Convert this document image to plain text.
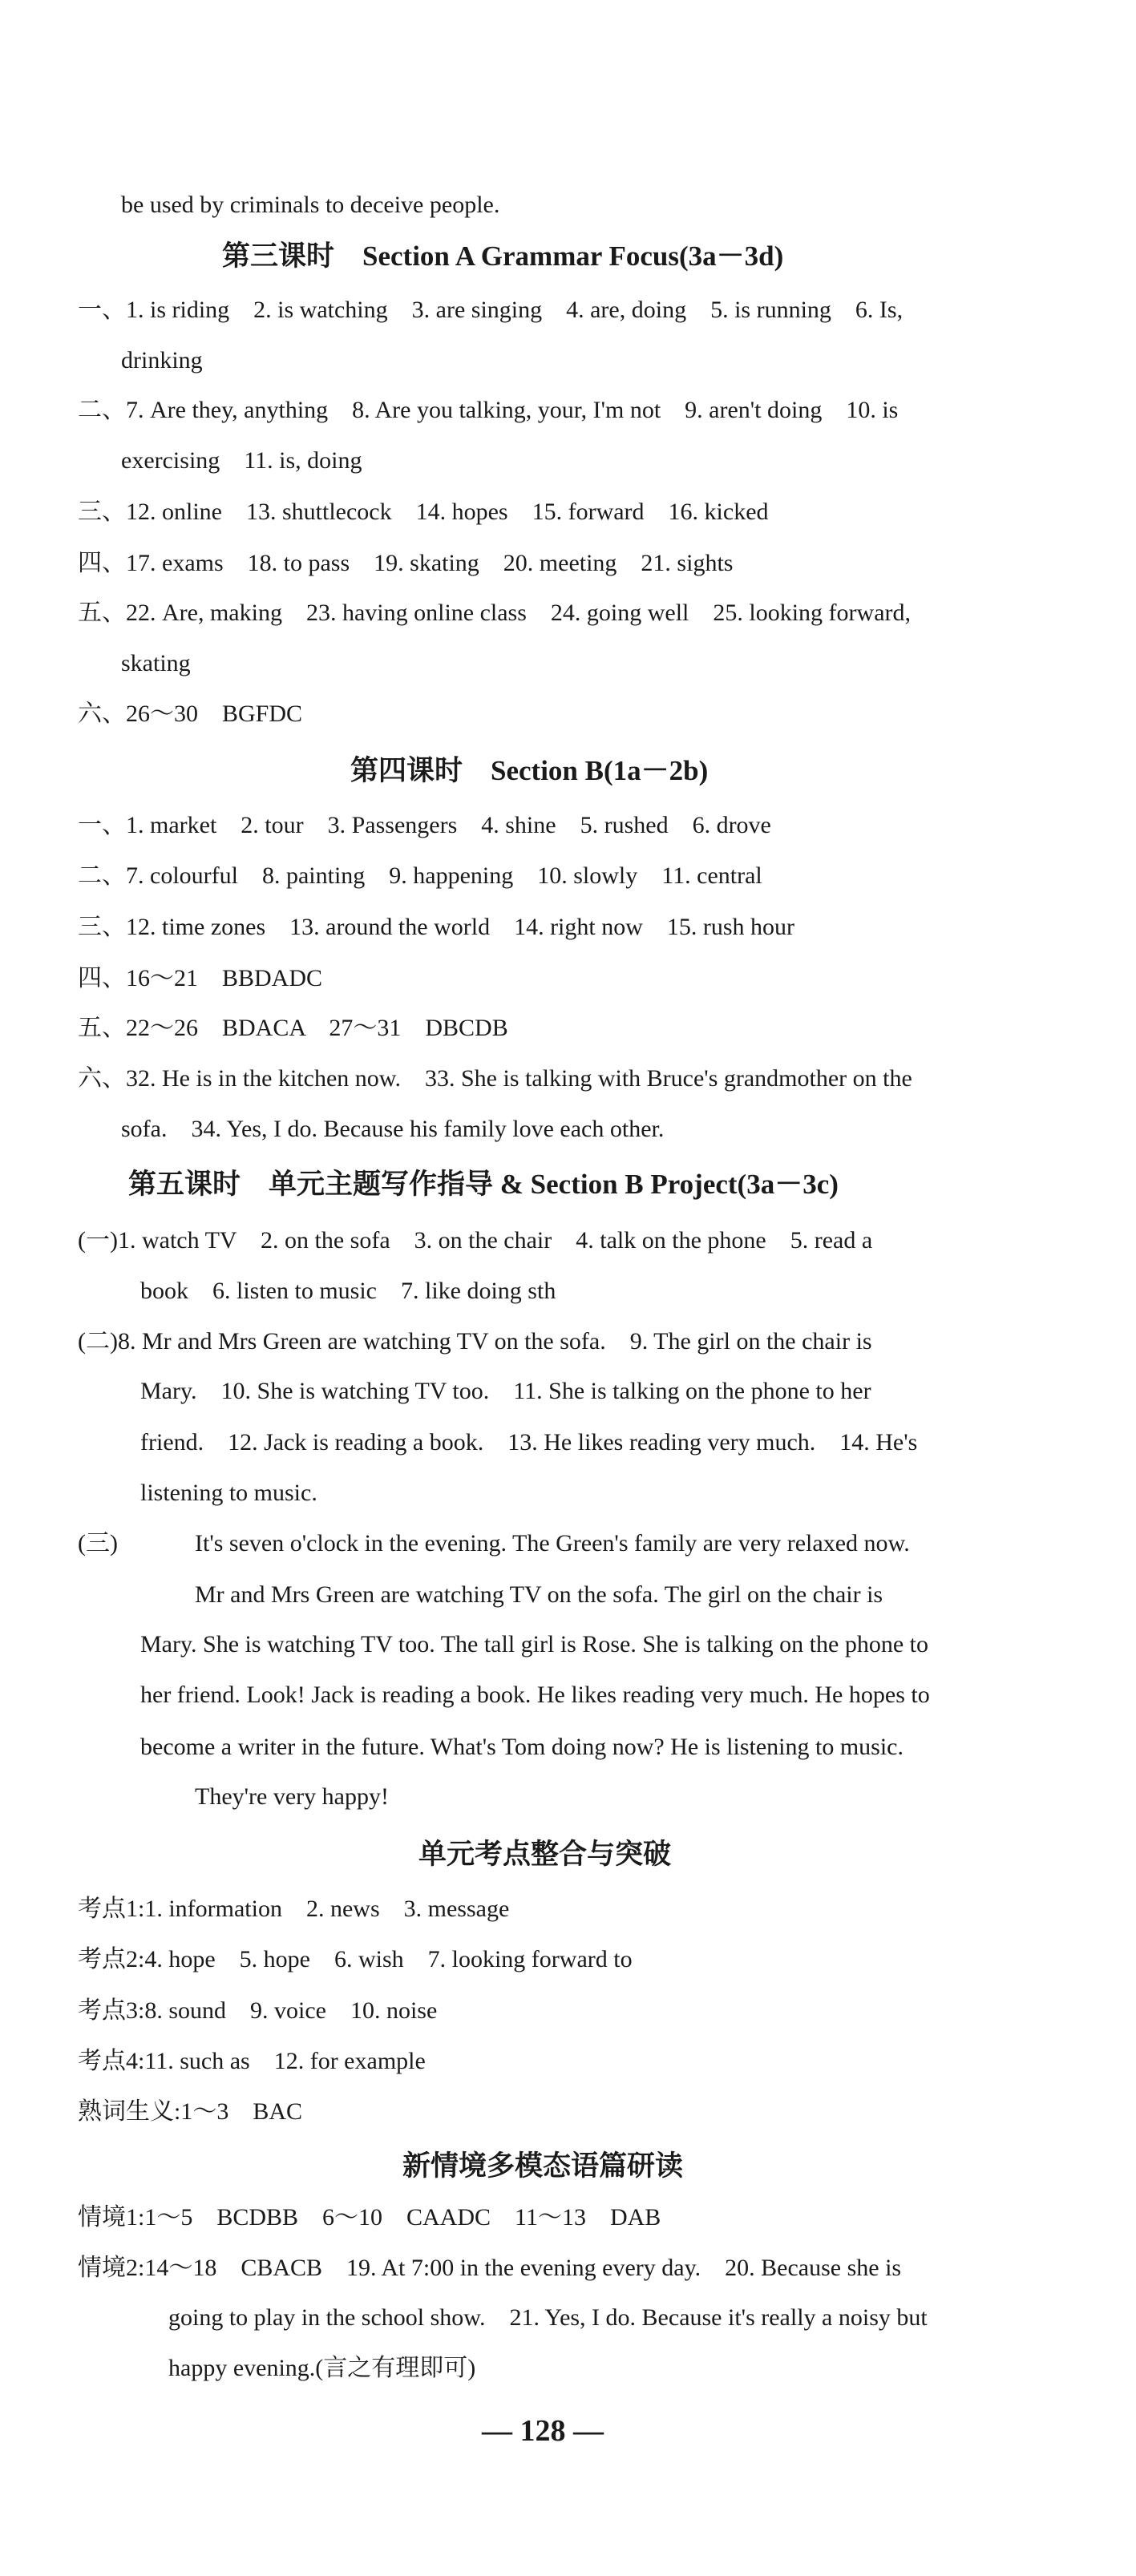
be used by criminals to deceive people.
第三课时　Section A Grammar Focus(3a－3d)
一、1. is riding　2. is watching　3. are singing　4. are, doing　5. is running　6. Is,
drinking
二、7. Are they, anything　8. Are you talking, your, I'm not　9. aren't doing　10. is
exercising　11. is, doing
三、12. online　13. shuttlecock　14. hopes　15. forward　16. kicked
四、17. exams　18. to pass　19. skating　20. meeting　21. sights
五、22. Are, making　23. having online class　24. going well　25. looking forward,
skating
六、26～30　BGFDC
第四课时　Section B(1a－2b)
一、1. market　2. tour　3. Passengers　4. shine　5. rushed　6. drove
二、7. colourful　8. painting　9. happening　10. slowly　11. central
三、12. time zones　13. around the world　14. right now　15. rush hour
四、16～21　BBDADC
五、22～26　BDACA　27～31　DBCDB
六、32. He is in the kitchen now.　33. She is talking with Bruce's grandmother on the
sofa.　34. Yes, I do. Because his family love each other.
第五课时　单元主题写作指导 & Section B Project(3a－3c)
(一)1. watch TV　2. on the sofa　3. on the chair　4. talk on the phone　5. read a
book　6. listen to music　7. like doing sth
(二)8. Mr and Mrs Green are watching TV on the sofa.　9. The girl on the chair is
Mary.　10. She is watching TV too.　11. She is talking on the phone to her
friend.　12. Jack is reading a book.　13. He likes reading very much.　14. He's
listening to music.
(三)	It's seven o'clock in the evening. The Green's family are very relaxed now.
Mr and Mrs Green are watching TV on the sofa. The girl on the chair is
Mary. She is watching TV too. The tall girl is Rose. She is talking on the phone to
her friend. Look! Jack is reading a book. He likes reading very much. He hopes to
become a writer in the future. What's Tom doing now? He is listening to music.
They're very happy!
单元考点整合与突破
考点1:1. information　2. news　3. message
考点2:4. hope　5. hope　6. wish　7. looking forward to
考点3:8. sound　9. voice　10. noise
考点4:11. such as　12. for example
熟词生义:1～3　BAC
新情境多模态语篇研读
情境1:1～5　BCDBB　6～10　CAADC　11～13　DAB
情境2:14～18　CBACB　19. At 7:00 in the evening every day.　20. Because she is
going to play in the school show.　21. Yes, I do. Because it's really a noisy but
happy evening.(言之有理即可)
— 128 —
